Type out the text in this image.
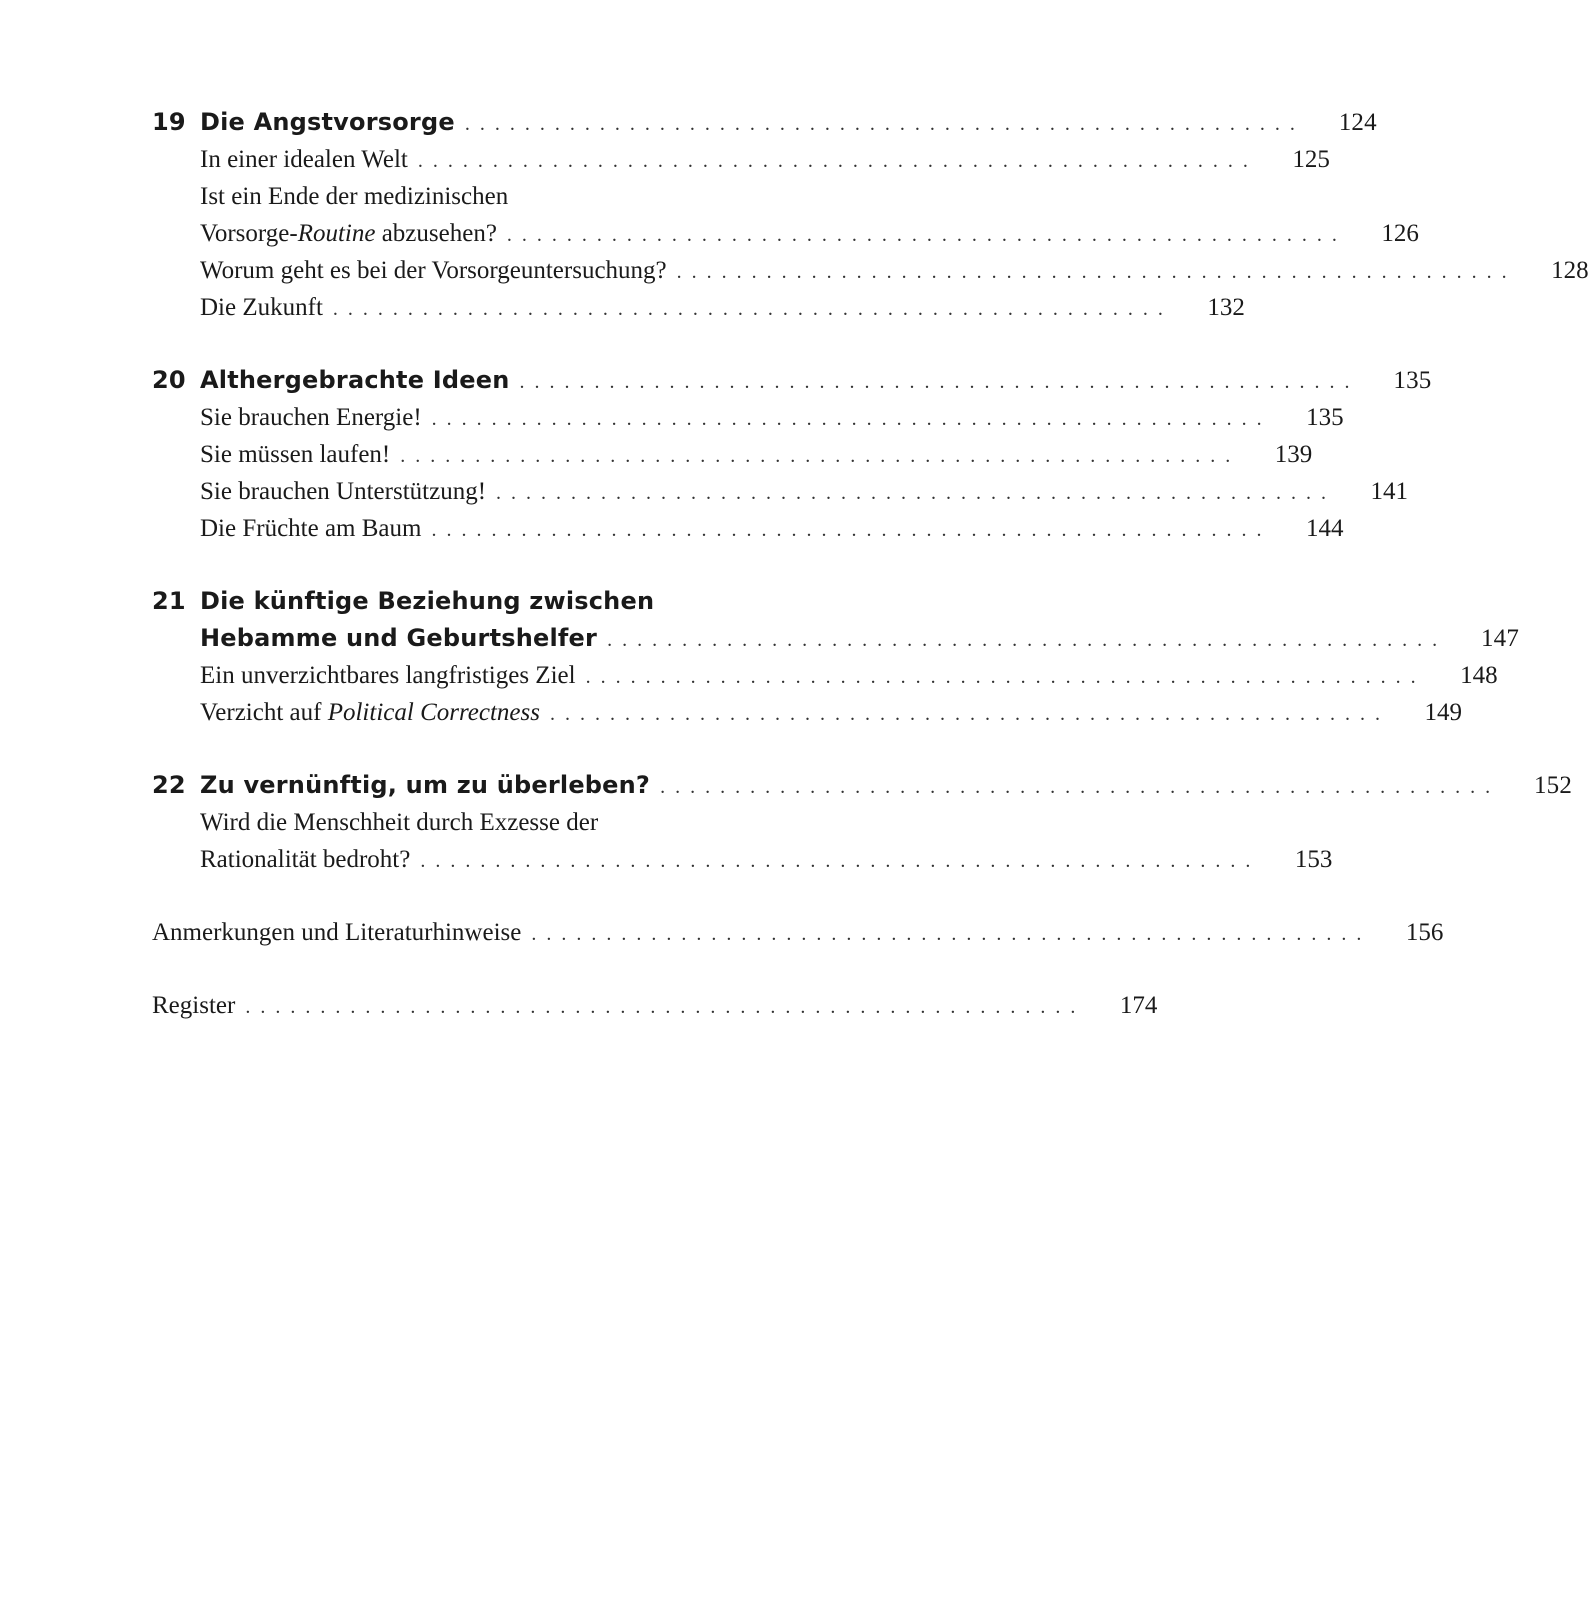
19 Die Angstvorsorge . . .	124
In einer idealen Welt . . .	125
Ist ein Ende der medizinischen
Vorsorge-Routine abzusehen? . . .	126
Worum geht es bei der Vorsorgeuntersuchung? . . .	128
Die Zukunft . . .	132
20 Althergebrachte Ideen . . .	135
Sie brauchen Energie! . . .	135
Sie müssen laufen! . . .	139
Sie brauchen Unterstützung! . . .	141
Die Früchte am Baum . . .	144
21 Die künftige Beziehung zwischen
Hebamme und Geburtshelfer . . .	147
Ein unverzichtbares langfristiges Ziel . . .	148
Verzicht auf Political Correctness . . .	149
22 Zu vernünftig, um zu überleben? . . .	152
Wird die Menschheit durch Exzesse der
Rationalität bedroht? . . .	153
Anmerkungen und Literaturhinweise . . .	156
Register . . .	174
